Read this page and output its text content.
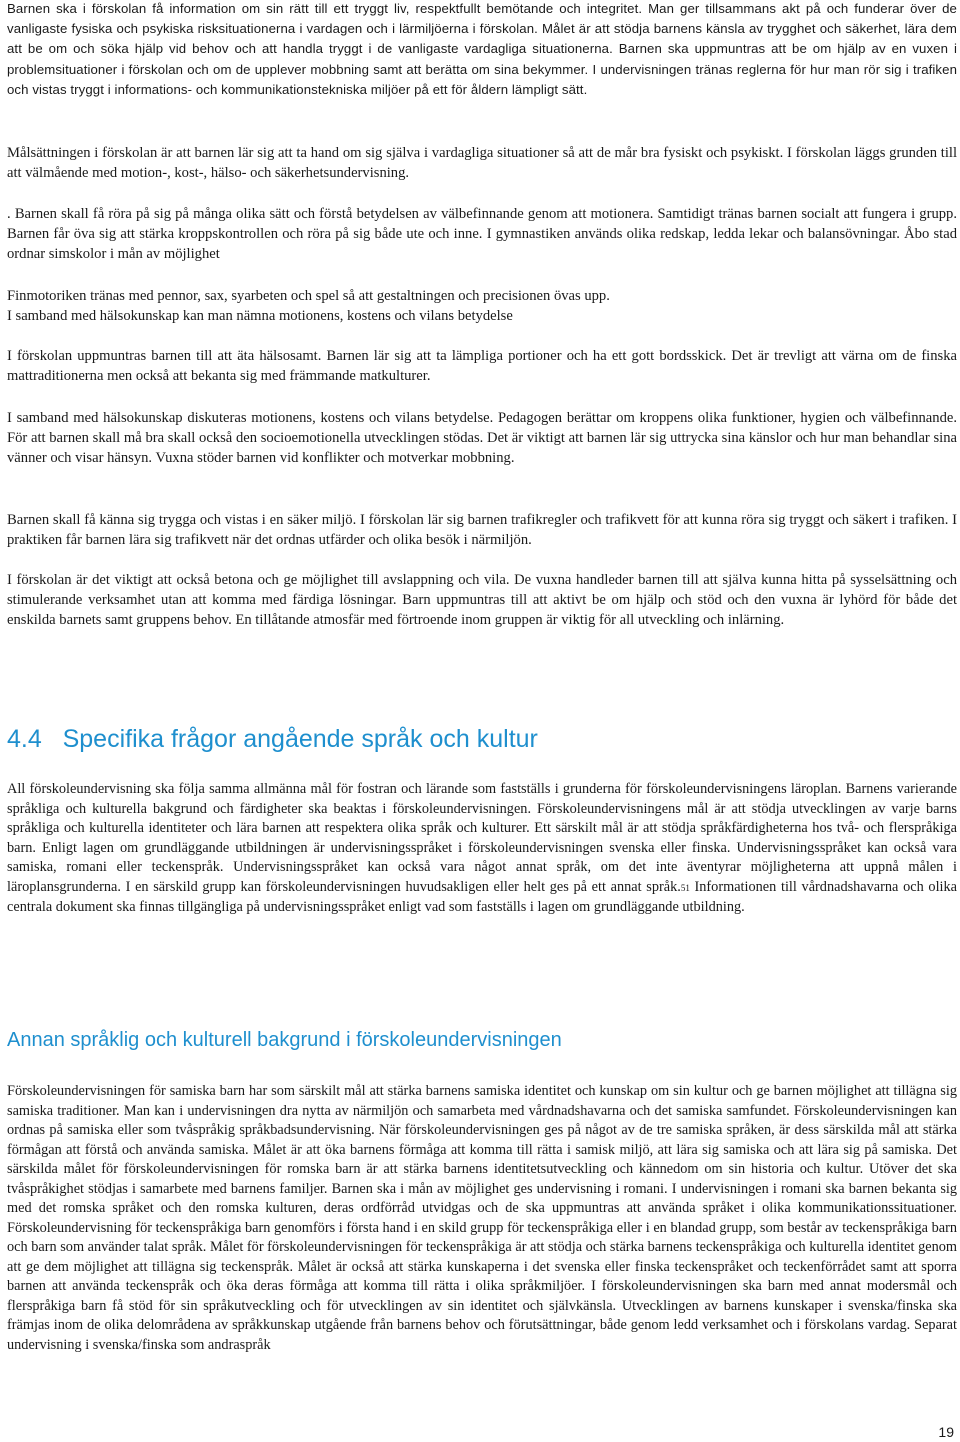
Barnen ska i förskolan få information om sin rätt till ett tryggt liv, respektfullt bemötande och integritet. Man ger tillsammans akt på och funderar över de vanligaste fysiska och psykiska risksituationerna i vardagen och i lärmiljöerna i förskolan. Målet är att stödja barnens känsla av trygghet och säkerhet, lära dem att be om och söka hjälp vid behov och att handla tryggt i de vanligaste vardagliga situationerna. Barnen ska uppmuntras att be om hjälp av en vuxen i problemsituationer i förskolan och om de upplever mobbning samt att berätta om sina bekymmer. I undervisningen tränas reglerna för hur man rör sig i trafiken och vistas tryggt i informations- och kommunikationstekniska miljöer på ett för åldern lämpligt sätt.

Målsättningen i förskolan är att barnen lär sig att ta hand om sig själva i vardagliga situationer så att de mår bra fysiskt och psykiskt. I förskolan läggs grunden till att välmående med motion-, kost-, hälso- och säkerhetsundervisning.

. Barnen skall få röra på sig på många olika sätt och förstå betydelsen av välbefinnande genom att motionera. Samtidigt tränas barnen socialt att fungera i grupp. Barnen får öva sig att stärka kroppskontrollen och röra på sig både ute och inne. I gymnastiken används olika redskap, ledda lekar och balansövningar. Åbo stad ordnar simskolor i mån av möjlighet

Finmotoriken tränas med pennor, sax, syarbeten och spel så att gestaltningen och precisionen övas upp.

I samband med hälsokunskap kan man nämna motionens, kostens och vilans betydelse

I förskolan uppmuntras barnen till att äta hälsosamt. Barnen lär sig att ta lämpliga portioner och ha ett gott bordsskick. Det är trevligt att värna om de finska mattraditionerna men också att bekanta sig med främmande matkulturer.

I samband med hälsokunskap diskuteras motionens, kostens och vilans betydelse. Pedagogen berättar om kroppens olika funktioner, hygien och välbefinnande. För att barnen skall må bra skall också den socioemotionella utvecklingen stödas. Det är viktigt att barnen lär sig uttrycka sina känslor och hur man behandlar sina vänner och visar hänsyn. Vuxna stöder barnen vid konflikter och motverkar mobbning.

Barnen skall få känna sig trygga och vistas i en säker miljö. I förskolan lär sig barnen trafikregler och trafikvett för att kunna röra sig tryggt och säkert i trafiken. I praktiken får barnen lära sig trafikvett när det ordnas utfärder och olika besök i närmiljön.

I förskolan är det viktigt att också betona och ge möjlighet till avslappning och vila. De vuxna handleder barnen till att själva kunna hitta på sysselsättning och stimulerande verksamhet utan att komma med färdiga lösningar. Barn uppmuntras till att aktivt be om hjälp och stöd och den vuxna är lyhörd för både det enskilda barnets samt gruppens behov. En tillåtande atmosfär med förtroende inom gruppen är viktig för all utveckling och inlärning.

4.4   Specifika frågor angående språk och kultur

All förskoleundervisning ska följa samma allmänna mål för fostran och lärande som fastställs i grunderna för förskoleundervisningens läroplan. Barnens varierande språkliga och kulturella bakgrund och färdigheter ska beaktas i förskoleundervisningen. Förskoleundervisningens mål är att stödja utvecklingen av varje barns språkliga och kulturella identiteter och lära barnen att respektera olika språk och kulturer. Ett särskilt mål är att stödja språkfärdigheterna hos två- och flerspråkiga barn. Enligt lagen om grundläggande utbildningen är undervisningsspråket i förskoleundervisningen svenska eller finska. Undervisningsspråket kan också vara samiska, romani eller teckenspråk. Undervisningsspråket kan också vara något annat språk, om det inte äventyrar möjligheterna att uppnå målen i läroplansgrunderna. I en särskild grupp kan förskoleundervisningen huvudsakligen eller helt ges på ett annat språk.51 Informationen till vårdnadshavarna och olika centrala dokument ska finnas tillgängliga på undervisningsspråket enligt vad som fastställs i lagen om grundläggande utbildning.

Annan språklig och kulturell bakgrund i förskoleundervisningen

Förskoleundervisningen för samiska barn har som särskilt mål att stärka barnens samiska identitet och kunskap om sin kultur och ge barnen möjlighet att tillägna sig samiska traditioner. Man kan i undervisningen dra nytta av närmiljön och samarbeta med vårdnadshavarna och det samiska samfundet. Förskoleundervisningen kan ordnas på samiska eller som tvåspråkig språkbadsundervisning. När förskoleundervisningen ges på något av de tre samiska språken, är dess särskilda mål att stärka förmågan att förstå och använda samiska. Målet är att öka barnens förmåga att komma till rätta i samisk miljö, att lära sig samiska och att lära sig på samiska. Det särskilda målet för förskoleundervisningen för romska barn är att stärka barnens identitetsutveckling och kännedom om sin historia och kultur. Utöver det ska tvåspråkighet stödjas i samarbete med barnens familjer. Barnen ska i mån av möjlighet ges undervisning i romani. I undervisningen i romani ska barnen bekanta sig med det romska språket och den romska kulturen, deras ordförråd utvidgas och de ska uppmuntras att använda språket i olika kommunikationssituationer. Förskoleundervisning för teckenspråkiga barn genomförs i första hand i en skild grupp för teckenspråkiga eller i en blandad grupp, som består av teckenspråkiga barn och barn som använder talat språk. Målet för förskoleundervisningen för teckenspråkiga är att stödja och stärka barnens teckenspråkiga och kulturella identitet genom att ge dem möjlighet att tillägna sig teckenspråk. Målet är också att stärka kunskaperna i det svenska eller finska teckenspråket och teckenförrådet samt att sporra barnen att använda teckenspråk och öka deras förmåga att komma till rätta i olika språkmiljöer. I förskoleundervisningen ska barn med annat modersmål och flerspråkiga barn få stöd för sin språkutveckling och för utvecklingen av sin identitet och självkänsla. Utvecklingen av barnens kunskaper i svenska/finska ska främjas inom de olika delområdena av språkkunskap utgående från barnens behov och förutsättningar, både genom ledd verksamhet och i förskolans vardag. Separat undervisning i svenska/finska som andraspråk

19
